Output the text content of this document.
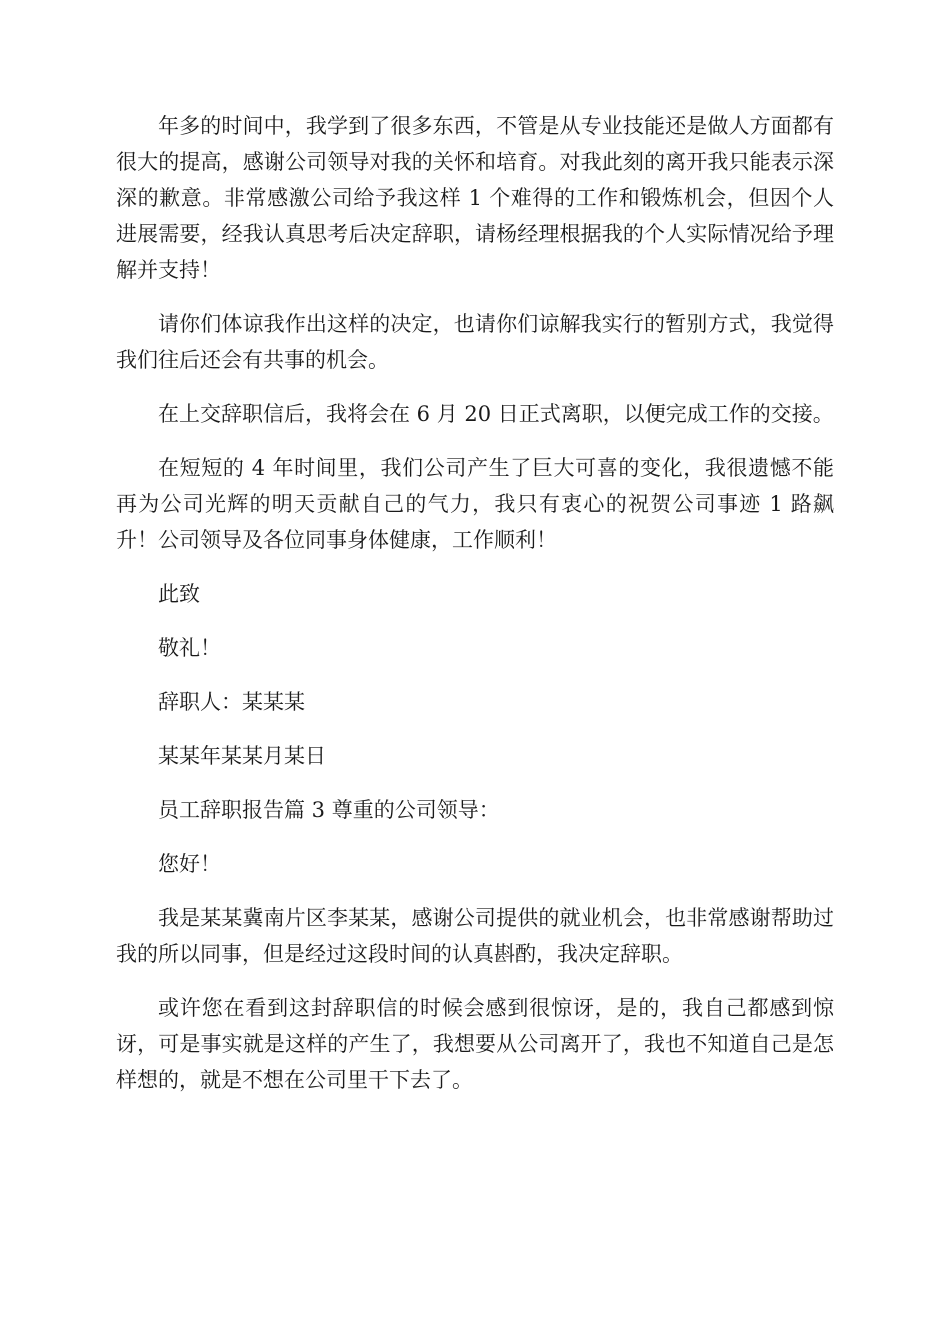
年多的时间中，我学到了很多东西，不管是从专业技能还是做人方面都有很大的提高，感谢公司领导对我的关怀和培育。对我此刻的离开我只能表示深深的歉意。非常感激公司给予我这样 1 个难得的工作和锻炼机会，但因个人进展需要，经我认真思考后决定辞职，请杨经理根据我的个人实际情况给予理解并支持！

请你们体谅我作出这样的决定，也请你们谅解我实行的暂别方式，我觉得我们往后还会有共事的机会。

在上交辞职信后，我将会在 6 月 20 日正式离职，以便完成工作的交接。

在短短的 4 年时间里，我们公司产生了巨大可喜的变化，我很遗憾不能再为公司光辉的明天贡献自己的气力，我只有衷心的祝贺公司事迹 1 路飙升！公司领导及各位同事身体健康，工作顺利！

此致

敬礼！

辞职人：某某某

某某年某某月某日

员工辞职报告篇 3 尊重的公司领导：

您好！

我是某某冀南片区李某某，感谢公司提供的就业机会，也非常感谢帮助过我的所以同事，但是经过这段时间的认真斟酌，我决定辞职。

或许您在看到这封辞职信的时候会感到很惊讶，是的，我自己都感到惊讶，可是事实就是这样的产生了，我想要从公司离开了，我也不知道自己是怎样想的，就是不想在公司里干下去了。
